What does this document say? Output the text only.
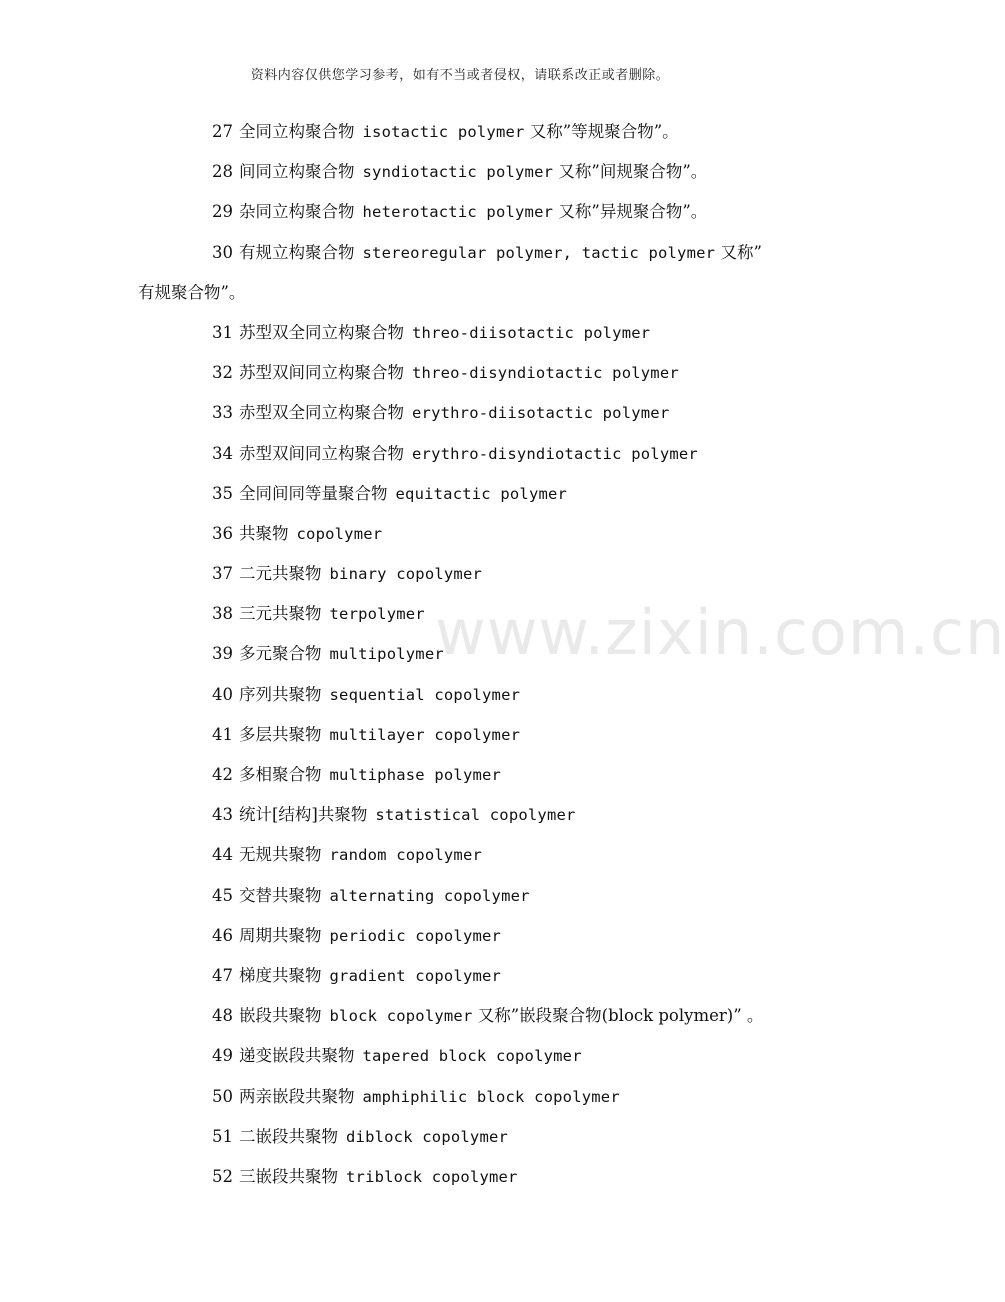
资料内容仅供您学习参考，如有不当或者侵权，请联系改正或者删除。
www.zixin.com.cn
27 全同立构聚合物 isotactic polymer 又称”等规聚合物”。
28 间同立构聚合物 syndiotactic polymer 又称”间规聚合物”。
29 杂同立构聚合物 heterotactic polymer 又称”异规聚合物”。
30 有规立构聚合物 stereoregular polymer, tactic polymer 又称”
有规聚合物”。
31 苏型双全同立构聚合物 threo-diisotactic polymer
32 苏型双间同立构聚合物 threo-disyndiotactic polymer
33 赤型双全同立构聚合物 erythro-diisotactic polymer
34 赤型双间同立构聚合物 erythro-disyndiotactic polymer
35 全同间同等量聚合物 equitactic polymer
36 共聚物 copolymer
37 二元共聚物 binary copolymer
38 三元共聚物 terpolymer
39 多元聚合物 multipolymer
40 序列共聚物 sequential copolymer
41 多层共聚物 multilayer copolymer
42 多相聚合物 multiphase polymer
43 统计[结构]共聚物 statistical copolymer
44 无规共聚物 random copolymer
45 交替共聚物 alternating copolymer
46 周期共聚物 periodic copolymer
47 梯度共聚物 gradient copolymer
48 嵌段共聚物 block copolymer 又称”嵌段聚合物(block polymer)” 。
49 递变嵌段共聚物 tapered block copolymer
50 两亲嵌段共聚物 amphiphilic block copolymer
51 二嵌段共聚物 diblock copolymer
52 三嵌段共聚物 triblock copolymer
